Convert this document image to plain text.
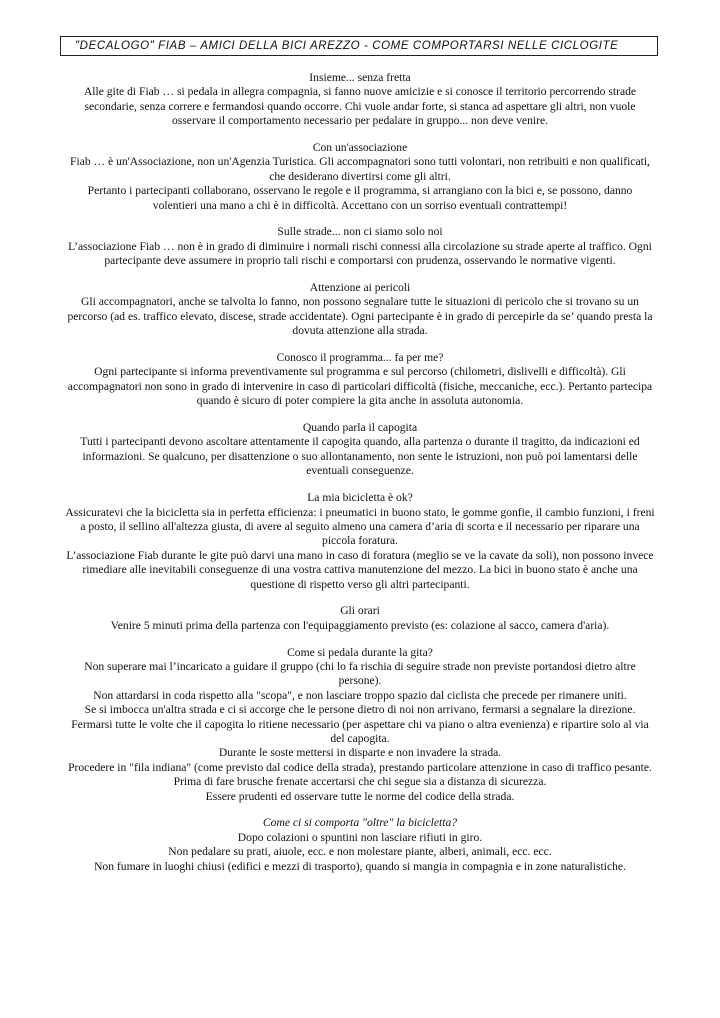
"DECALOGO" FIAB – AMICI DELLA BICI AREZZO - COME COMPORTARSI NELLE CICLOGITE
Insieme... senza fretta

Alle gite di Fiab … si pedala in allegra compagnia, si fanno nuove amicizie e si conosce il territorio percorrendo strade secondarie, senza correre e fermandosi quando occorre. Chi vuole andar forte, si stanca ad aspettare gli altri, non vuole osservare il comportamento necessario per pedalare in gruppo... non deve venire.

Con un'associazione

Fiab … è un'Associazione, non un'Agenzia Turistica. Gli accompagnatori sono tutti volontari, non retribuiti e non qualificati, che desiderano divertirsi come gli altri.

Pertanto i partecipanti collaborano, osservano le regole e il programma, si arrangiano con la bici e, se possono, danno volentieri una mano a chi è in difficoltà. Accettano con un sorriso eventuali contrattempi!

Sulle strade... non ci siamo solo noi

L’associazione Fiab … non è in grado di diminuire i normali rischi connessi alla circolazione su strade aperte al traffico. Ogni partecipante deve assumere in proprio tali rischi e comportarsi con prudenza, osservando le normative vigenti.

Attenzione ai pericoli

Gli accompagnatori, anche se talvolta lo fanno, non possono segnalare tutte le situazioni di pericolo che si trovano su un percorso (ad es. traffico elevato, discese, strade accidentate). Ogni partecipante è in grado di percepirle da se’ quando presta la dovuta attenzione alla strada.

Conosco il programma... fa per me?

Ogni partecipante si informa preventivamente sul programma e sul percorso (chilometri, dislivelli e difficoltà). Gli accompagnatori non sono in grado di intervenire in caso di particolari difficoltà (fisiche, meccaniche, ecc.). Pertanto partecipa quando è sicuro di poter compiere la gita anche in assoluta autonomia.

Quando parla il capogita

Tutti i partecipanti devono ascoltare attentamente il capogita quando, alla partenza o durante il tragitto, da indicazioni ed informazioni. Se qualcuno, per disattenzione o suo allontanamento, non sente le istruzioni, non può poi lamentarsi delle eventuali conseguenze.

La mia bicicletta è ok?

Assicuratevi che la bicicletta sia in perfetta efficienza: i pneumatici in buono stato, le gomme gonfie, il cambio funzioni, i freni a posto, il sellino all'altezza giusta, di avere al seguito almeno una camera d’aria di scorta e il necessario per riparare una piccola foratura.

L’associazione Fiab durante le gite può darvi una mano in caso di foratura (meglio se ve la cavate da soli), non possono invece rimediare alle inevitabili conseguenze di una vostra cattiva manutenzione del mezzo. La bici in buono stato è anche una questione di rispetto verso gli altri partecipanti.

Gli orari

Venire 5 minuti prima della partenza con l'equipaggiamento previsto (es: colazione al sacco, camera d'aria).

Come si pedala durante la gita?

Non superare mai l’incaricato a guidare il gruppo (chi lo fa rischia di seguire strade non previste portandosi dietro altre persone).

Non attardarsi in coda rispetto alla "scopa", e non lasciare troppo spazio dal ciclista che precede per rimanere uniti.

Se si imbocca un'altra strada e ci si accorge che le persone dietro di noi non arrivano, fermarsi a segnalare la direzione.

Fermarsi tutte le volte che il capogita lo ritiene necessario (per aspettare chi va piano o altra evenienza) e ripartire solo al via del capogita.

Durante le soste mettersi in disparte e non invadere la strada.

Procedere in "fila indiana" (come previsto dal codice della strada), prestando particolare attenzione in caso di traffico pesante.

Prima di fare brusche frenate accertarsi che chi segue sia a distanza di sicurezza.

Essere prudenti ed osservare tutte le norme del codice della strada.

Come ci si comporta "oltre" la bicicletta?

Dopo colazioni o spuntini non lasciare rifiuti in giro.

Non pedalare su prati, aiuole, ecc. e non molestare piante, alberi, animali, ecc. ecc.

Non fumare in luoghi chiusi (edifici e mezzi di trasporto), quando si mangia in compagnia e in zone naturalistiche.
